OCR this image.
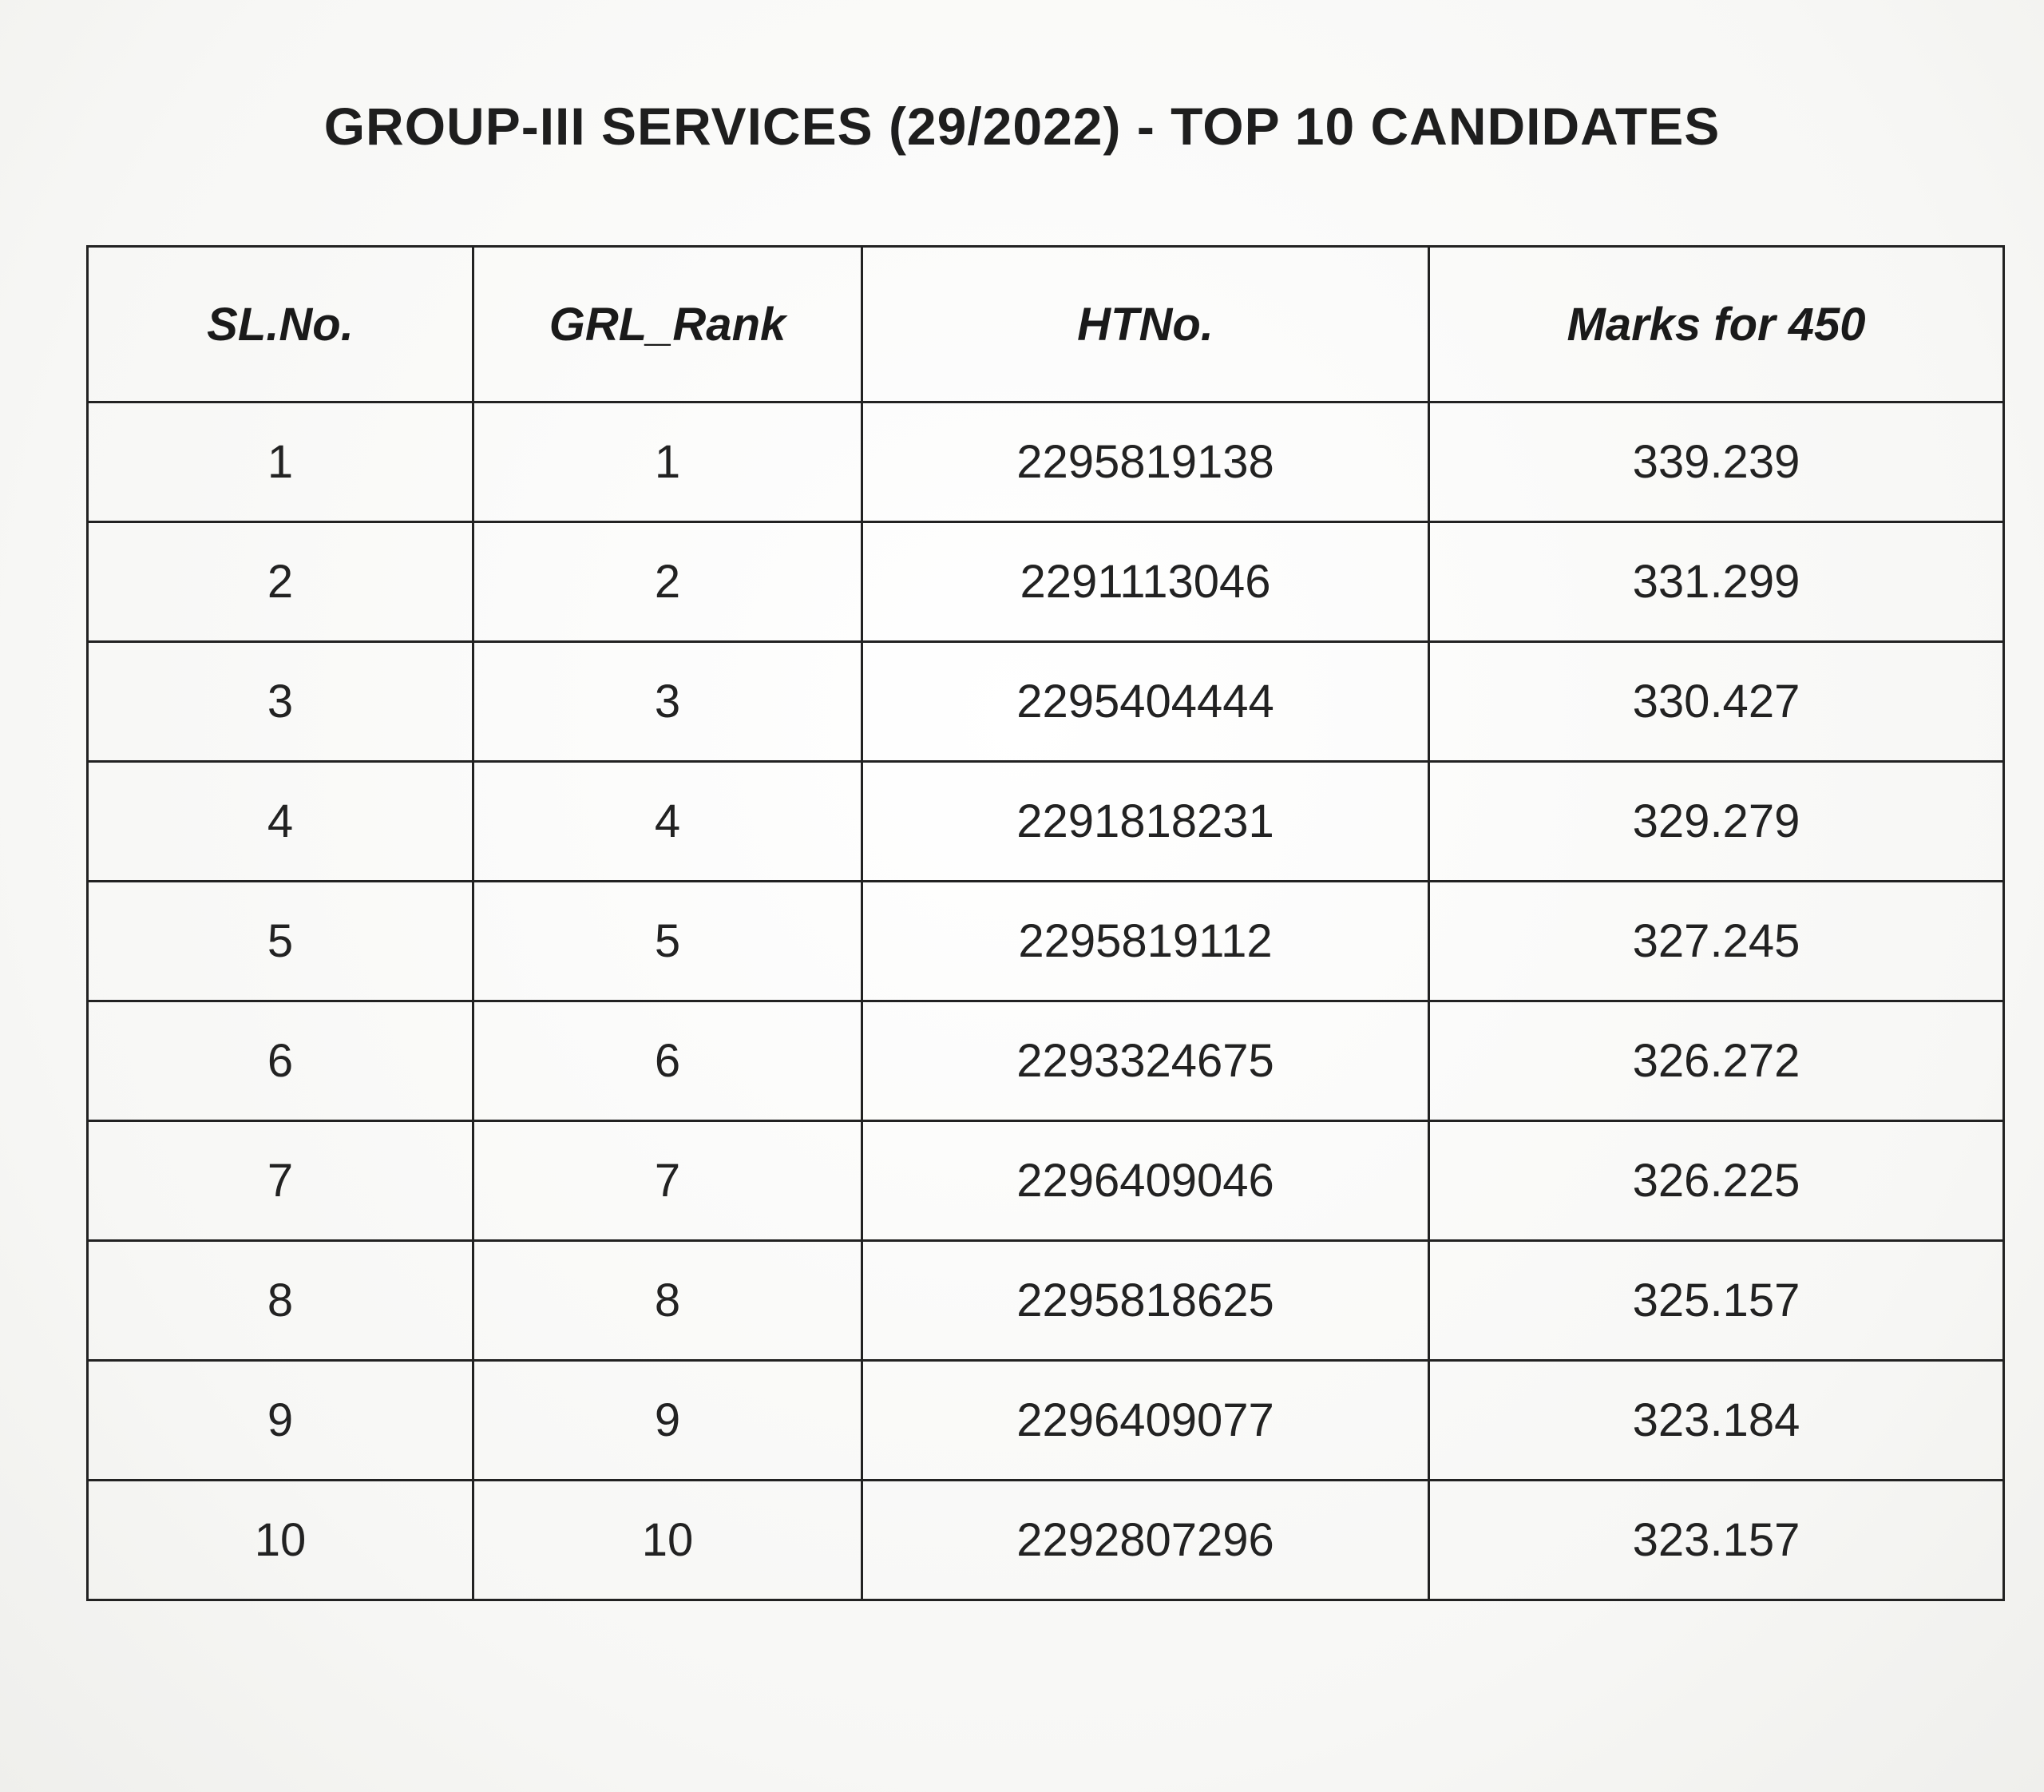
GROUP-III SERVICES (29/2022) - TOP 10 CANDIDATES
SL.No.	GRL_Rank	HTNo.	Marks for 450
1	1	2295819138	339.239
2	2	2291113046	331.299
3	3	2295404444	330.427
4	4	2291818231	329.279
5	5	2295819112	327.245
6	6	2293324675	326.272
7	7	2296409046	326.225
8	8	2295818625	325.157
9	9	2296409077	323.184
10	10	2292807296	323.157
